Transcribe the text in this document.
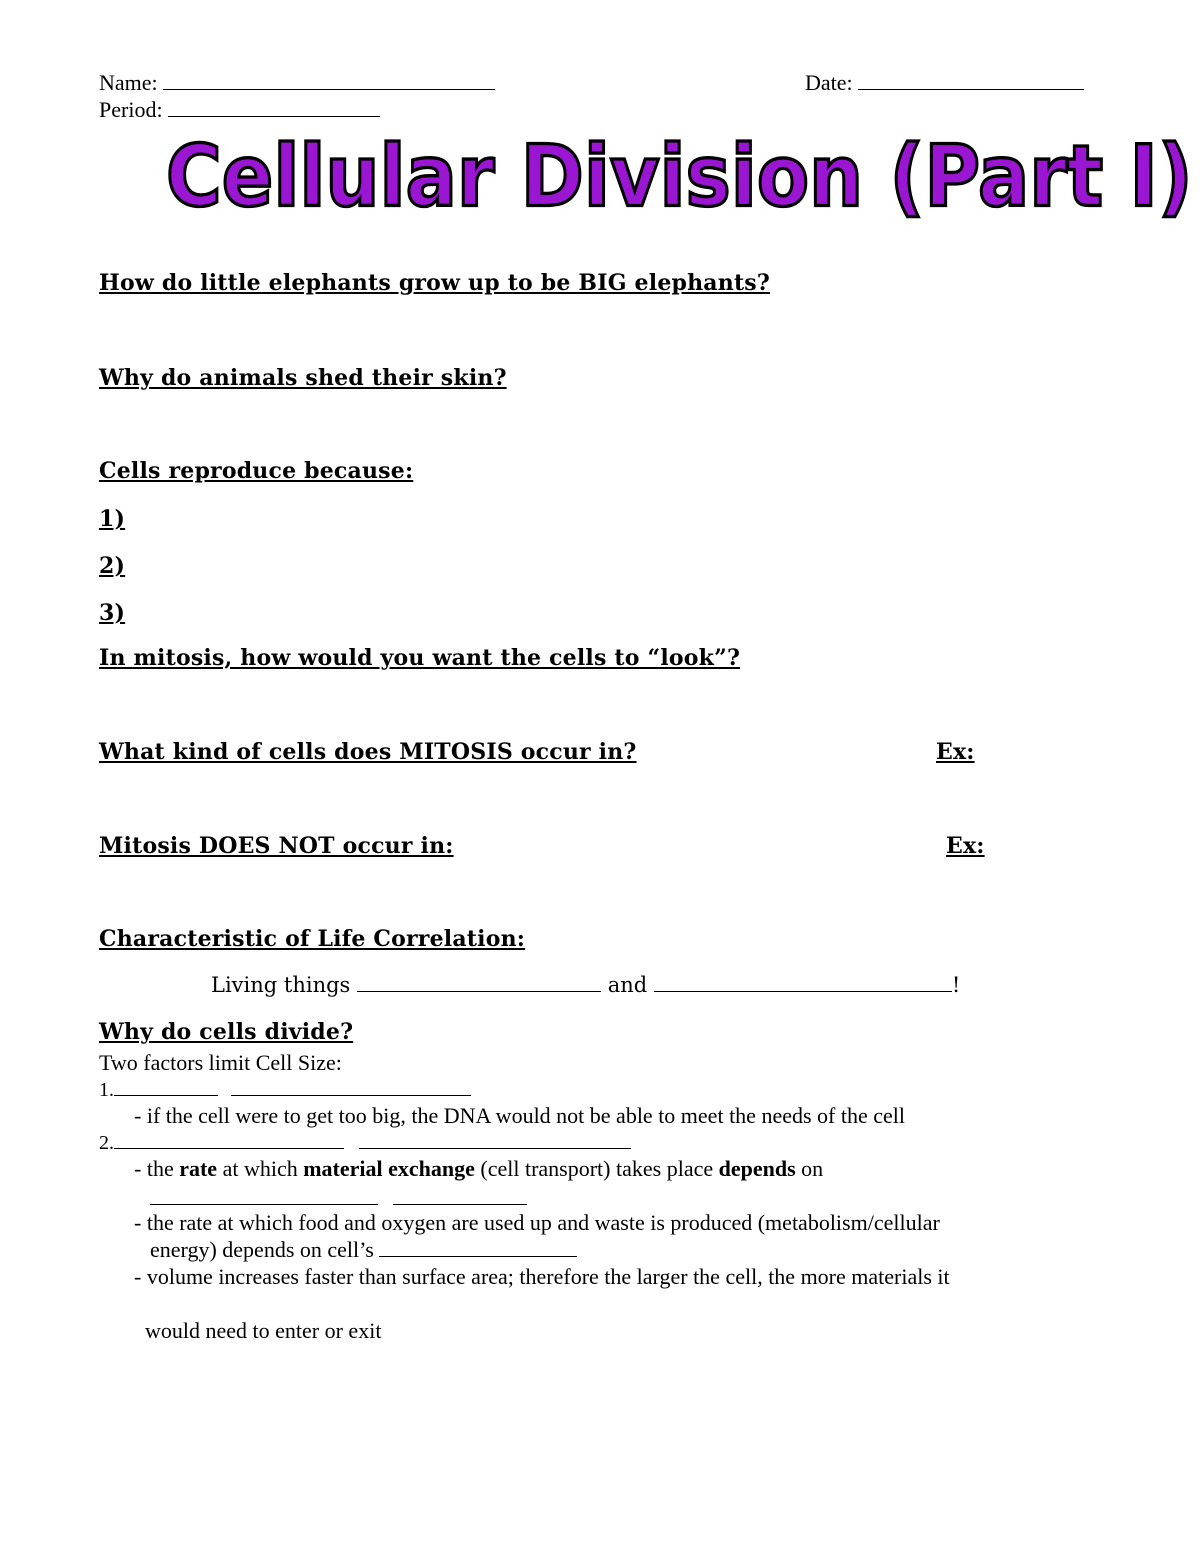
Name:	Date:
Period:
Cellular Division (Part I)
How do little elephants grow up to be BIG elephants?
Why do animals shed their skin?
Cells reproduce because:
1)
2)
3)
In mitosis, how would you want the cells to “look”?
What kind of cells does MITOSIS occur in?	Ex:
Mitosis DOES NOT occur in:	Ex:
Characteristic of Life Correlation:
Living things	and	!
Why do cells divide?
Two factors limit Cell Size:
1.
- if the cell were to get too big, the DNA would not be able to meet the needs of the cell
2.
- the rate at which material exchange (cell transport) takes place depends on

- the rate at which food and oxygen are used up and waste is produced (metabolism/cellular
energy) depends on cell’s
- volume increases faster than surface area; therefore the larger the cell, the more materials it
would need to enter or exit
